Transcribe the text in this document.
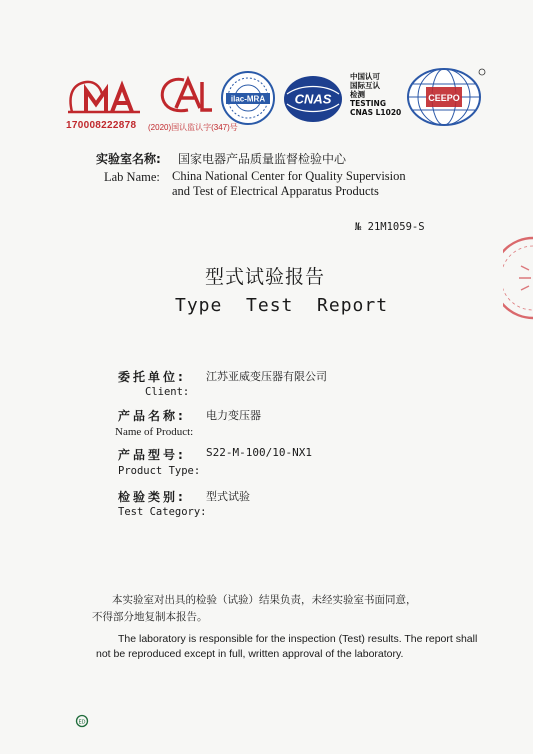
170008222878 (2020)国认监认字(347)号
ilac-MRA CNAS
中国认可
国际互认
检测
TESTING
CNAS L1020
CEEPO
实验室名称: 国家电器产品质量监督检验中心
Lab Name: China National Center for Quality Supervision
and Test of Electrical Apparatus Products
№ 21M1059-S
型式试验报告
Type  Test  Report
委托单位: 江苏亚威变压器有限公司
Client:
产品名称: 电力变压器
Name of Product:
产品型号: S22-M-100/10-NX1
Product Type:
检验类别: 型式试验
Test Category:
本实验室对出具的检验（试验）结果负责，未经实验室书面同意，
不得部分地复制本报告。
The laboratory is responsible for the inspection (Test) results. The report shall
not be reproduced except in full, written approval of the laboratory.
ED
